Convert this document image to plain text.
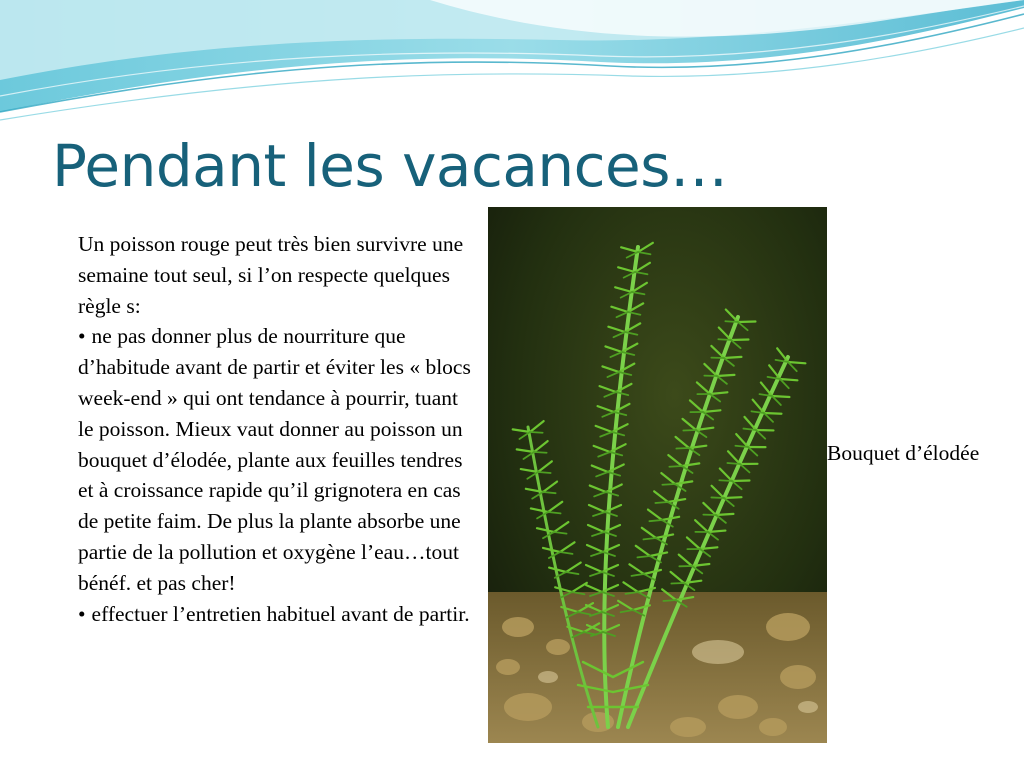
Pendant les vacances…

Un poisson rouge peut très bien survivre une semaine tout seul, si l’on respecte quelques règle s:

• ne pas donner plus de nourriture que d’habitude avant de partir et éviter les « blocs week-end » qui ont tendance à pourrir, tuant le poisson. Mieux vaut donner au poisson un bouquet d’élodée, plante aux feuilles tendres et à croissance rapide qu’il grignotera en cas de petite faim. De plus la plante absorbe une partie de la pollution et oxygène l’eau…tout bénéf. et pas cher!

• effectuer l’entretien habituel avant de partir.

Bouquet d’élodée
